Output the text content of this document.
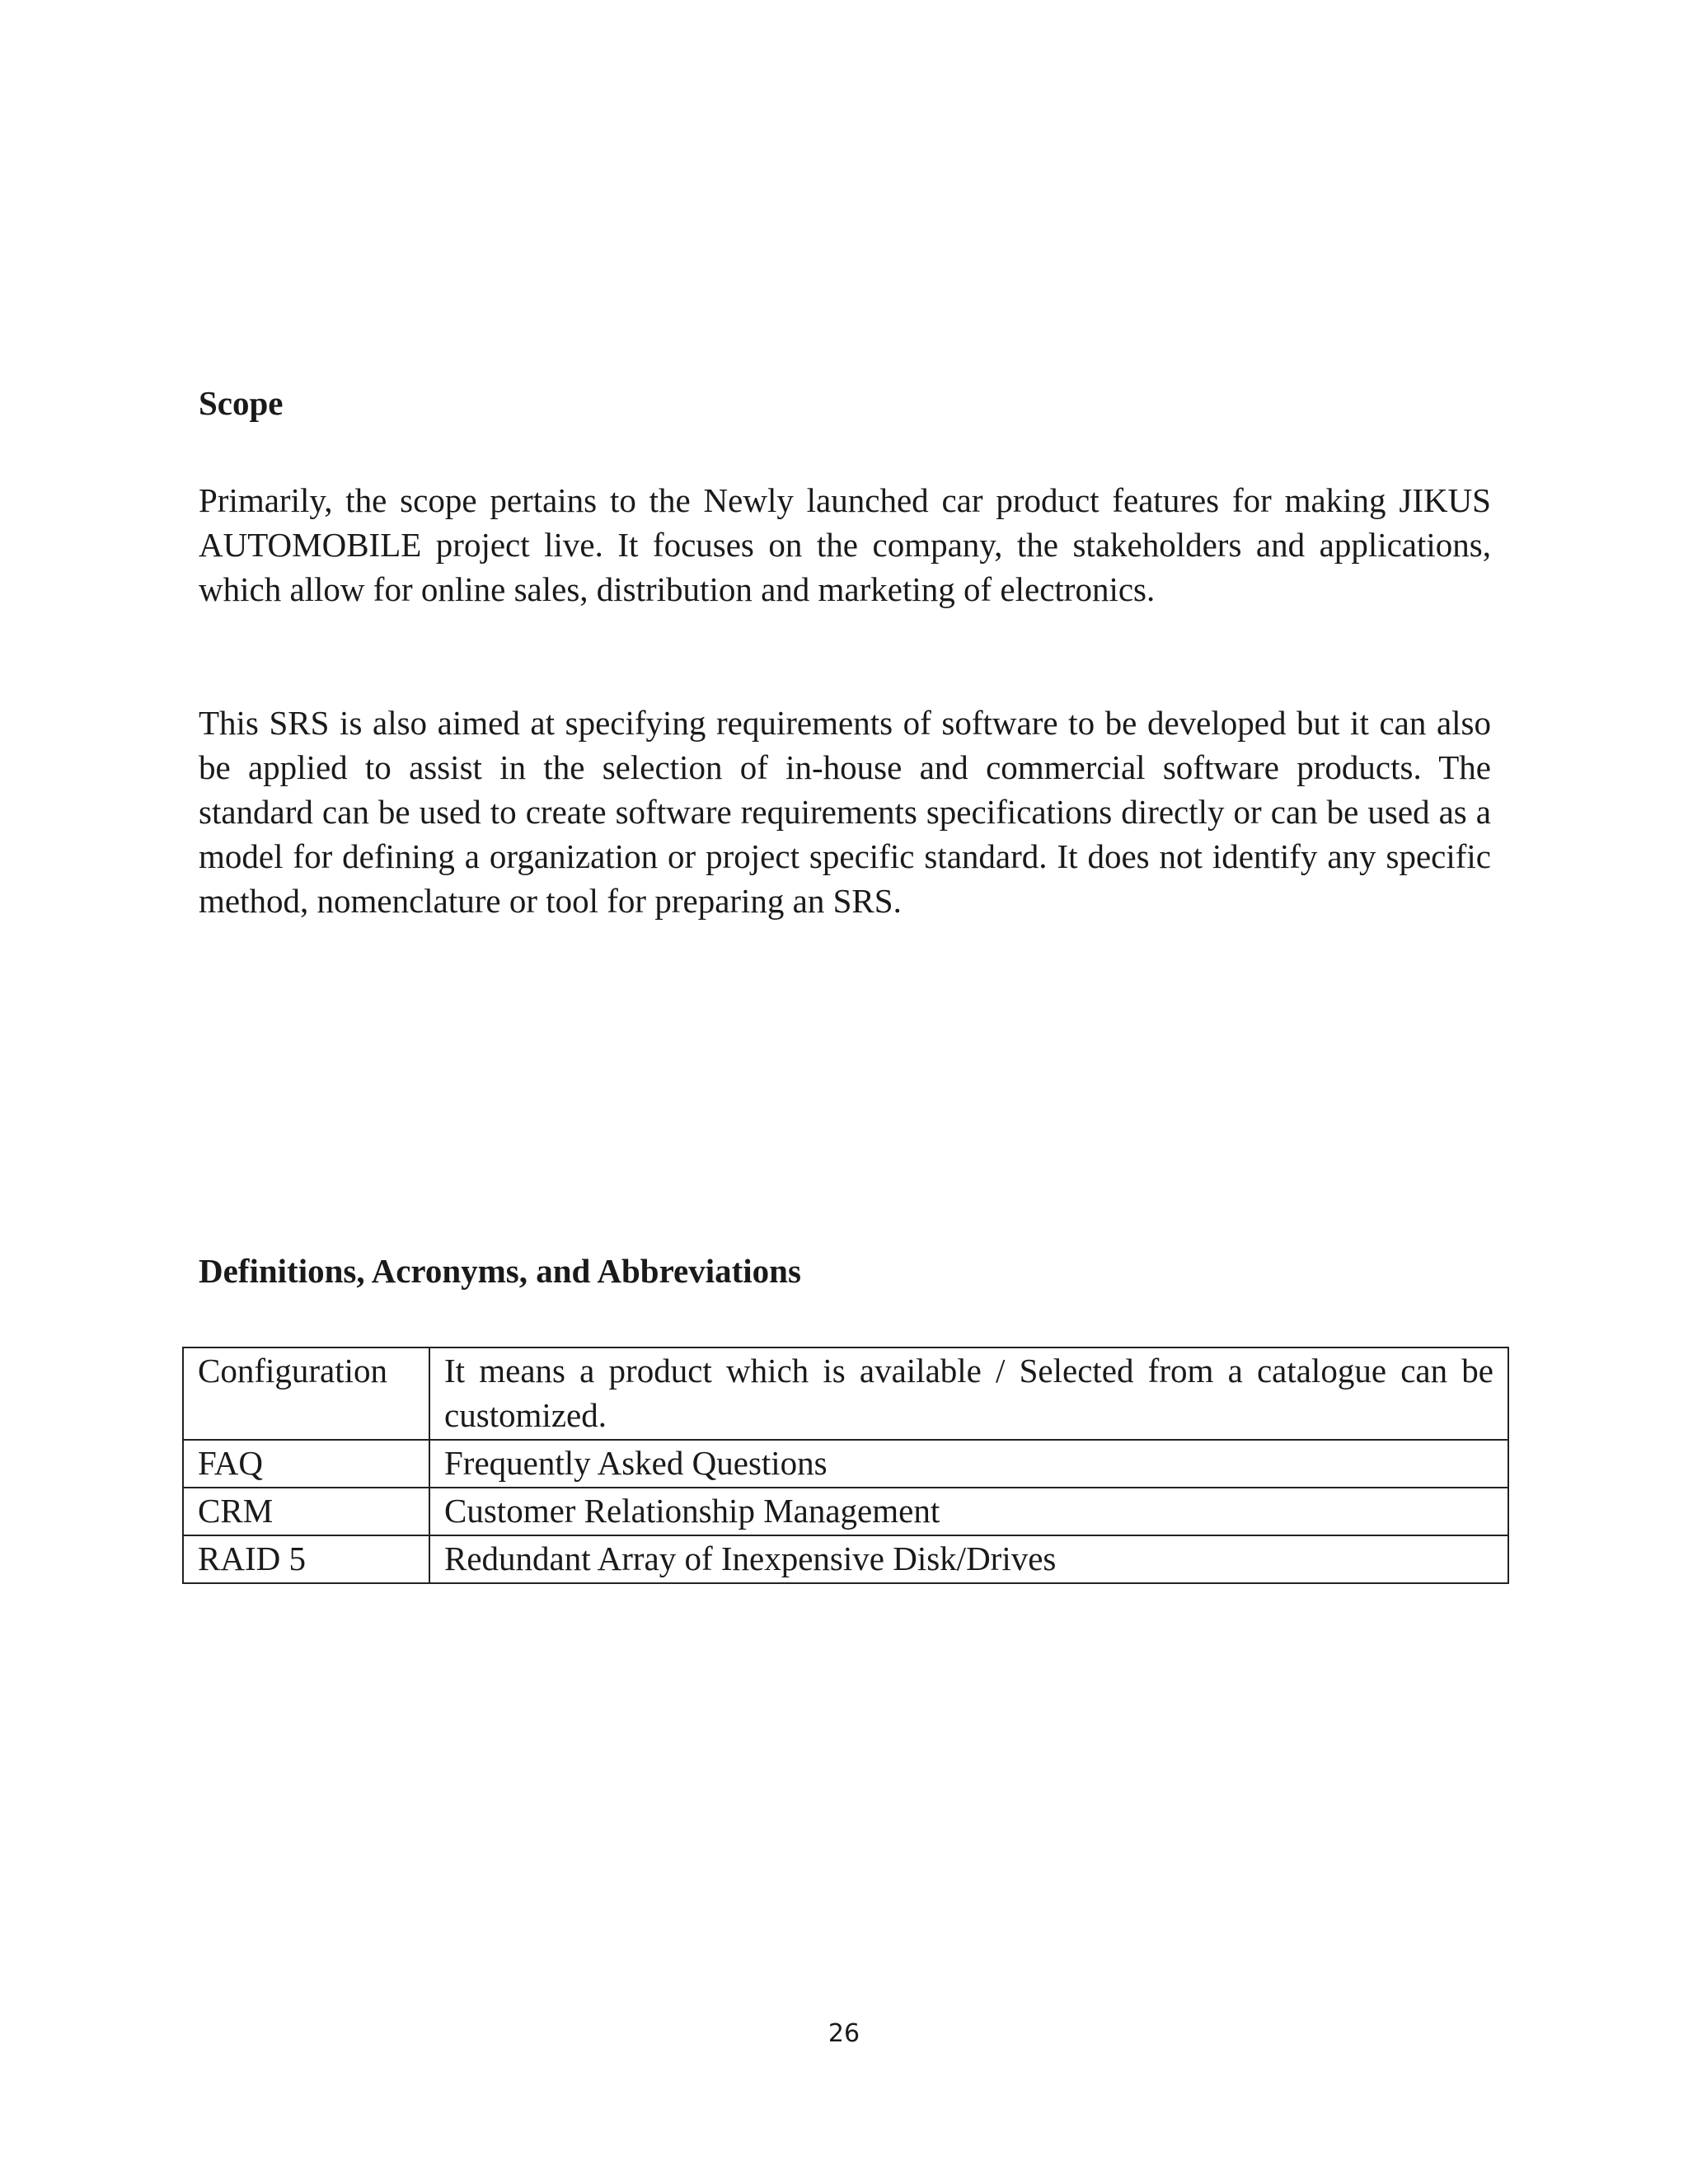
Scope

Primarily, the scope pertains to the Newly launched car product features for making JIKUS AUTOMOBILE project live. It focuses on the company, the stakeholders and applications, which allow for online sales, distribution and marketing of electronics.

This SRS is also aimed at specifying requirements of software to be developed but it can also be applied to assist in the selection of in-house and commercial software products. The standard can be used to create software requirements specifications directly or can be used as a model for defining a organization or project specific standard. It does not identify any specific method, nomenclature or tool for preparing an SRS.

Definitions, Acronyms, and Abbreviations
Configuration	It means a product which is available / Selected from a catalogue can be customized.
FAQ	Frequently Asked Questions
CRM	Customer Relationship Management
RAID 5	Redundant Array of Inexpensive Disk/Drives
26
